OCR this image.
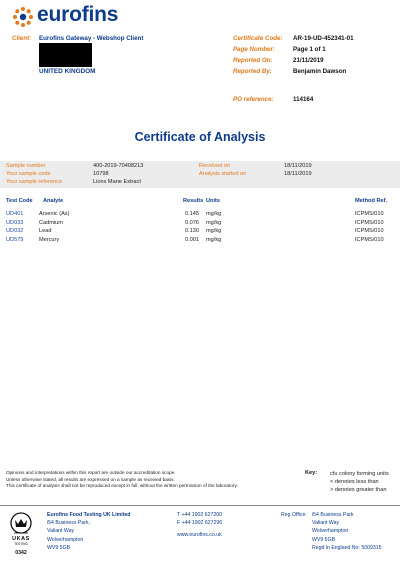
eurofins
Client: Eurofins Gateway - Webshop Client
UNITED KINGDOM
Certificate Code: AR-19-UD-452341-01
Page Number:	Page 1 of 1
Reported On:	21/11/2019
Reported By:	Benjamin Dawson
PO reference:	114164
Certificate of Analysis
Sample number	400-2019-70408213
Your sample code	10798
Your sample reference	Lions Mane Extract
Received on	18/11/2019
Analysis started on	18/11/2019
Test Code Analyte	Results Units	Method Ref.
UD401	Arsenic (As)	0.145 mg/kg	ICPMS/010
UD033	Cadmium	0.076 mg/kg	ICPMS/010
UD032	Lead	0.130 mg/kg	ICPMS/010
UD579	Mercury	0.001 mg/kg	ICPMS/010
Opinions and interpretations within this report are outside our accreditation scope.
Unless otherwise stated, all results are expressed on a sample as received basis.
This certificate of analysis shall not be reproduced except in full, without the written permission of the laboratory.
Key: cfu colony forming units
< denotes less than
> denotes greater than
UKAS
TESTING
0342
Eurofins Food Testing UK Limited
i54 Business Park,
Valiant Way
Wolverhampton
WV9 5GB
T +44 1902 627200
F +44 1902 627296
www.eurofins.co.uk
Reg Office: i54 Business Park
Valiant Way
Wolverhampton
WV9 5GB
Regd in England No: 5009315
